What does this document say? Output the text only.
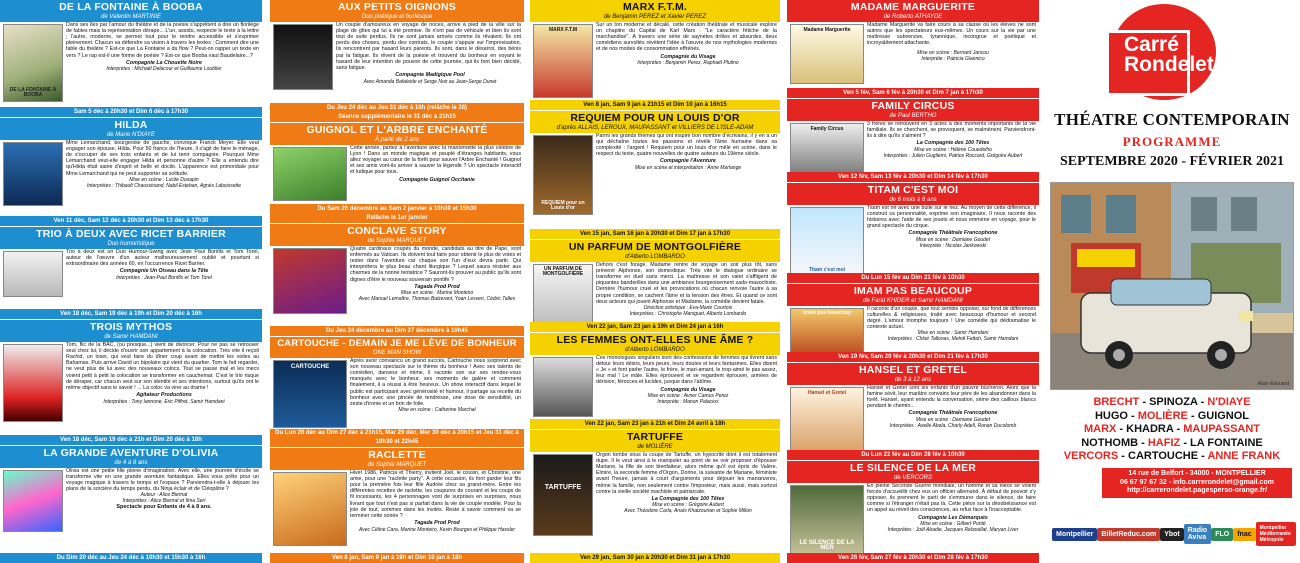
DE LA FONTAINE À BOOBA
de Valentin MARTINIE
DE LA FONTAINE À BOOBA
Dans ses îles par l'amour du théâtre et de la poésie s'apprêtent à dire un florilège de fables mais la représentation dérape... L'un, assidu, respecte le texte à la lettre ; l'autre, moderne, se permet tout pour le rendre accessible et s'exprimer pleinement. Chacun va défendre sa vision à travers les textes : Comment dire une fable du théâtre ? Est-ce que La Fontaine a du flow ? Peut-on rapper un texte en vers ? Le rap est-il une forme de poésie ? Est-ce que Booba vaut Baudelaire...?
Compagnie La Chouette Noire
Interprètes : Michaël Delacour et Guillaume Loublier
Sam 5 déc à 20h30 et Dim 6 déc à 17h30
HILDA
de Marie N'DIAYE
Mme Lemarchand, bourgeoise de gauche, convoque Franck Meyer. Elle veut engager son épouse, Hilda. Pour 50 francs de l'heure, il s'agit de faire le ménage, de s'occuper de ses trois enfants et de lui tenir compagnie. Pourquoi Mme Lemarchand veut-elle engager Hilda et personne d'autre ? Elle a entendu dire qu'Hilda était saine d'esprit et belle et docile. L'apparence est primordiale pour Mme Lemarchand qui ne peut supporter sa solitude.
Mise en scène : Lucile Dusapin
Interprètes : Thibault Chaussinand, Nabil Esteban, Agnès Laboissette
Ven 11 déc, Sam 12 déc à 20h30 et Dim 13 déc à 17h30
TRIO À DEUX AVEC RICET BARRIER
Duo humoristique
Trio à deux est un Duo Humour-Swing avec Jean Paul Bonfils et Tom Torel, auteur de l'œuvre d'un auteur malheureusement oublié et pourtant si extraordinaire des années 60, en l'occurrence Ricet Barrier.
Compagnie Un Oiseau dans la Tête
Interprètes : Jean-Paul Bonfils et Tom Torel
Ven 18 déc, Sam 19 déc à 19h et Dim 20 déc à 16h
TROIS MYTHOS
de Samir HAMDANI
Tom, flic de la BAC, (ou presque...) vient de divorcer. Pour ne pas se retrouver seul chez lui, il décide d'ouvrir son appartement à la colocation. Très vite il reçoit Rachid, un loser, qui veut faire du dîner coup avant de mettre les voiles au Bahamas. Puis arrive David un bipolaire qui vient du quartier. Tom le fait regarder, ne veut plus de lui avec des nouveaux colocs. Tout se passe mal et les mecs voient petit à petit la colocation se transformer en cauchemar. C'est le trio risque de déraper, car chacun veut sur son identité et ses intentions, surtout qu'ils ont le même objectif sans le savoir ! ... La coloc va virer au drame !
Agitateur Productions
Interprètes : Tony Iannone, Eric Piffret, Samir Hamdani
Ven 18 déc, Sam 19 déc à 21h et Dim 20 déc à 18h
LA GRANDE AVENTURE D'OLIVIA
de 4 à 8 ans
Olivia est une petite fille pleine d'imagination. Avec elle, une journée d'école se transforme vite en une grande aventure fantastique. Elles vous prêts pour un voyage magique à travers le temps et l'espace ? Parviendra-t-elle à déjouer les plans de la sorcière du temps perdu, du Ninja éclair et de Cléopâtre ?
Auteur : Alice Biernat
Interprètes : Alice Biernat et Ilma Seri
Spectacle pour Enfants de 4 à 8 ans.
Du Dim 20 déc au Jeu 24 déc à 10h30 et 15h30 à 16h
AUX PETITS OIGNONS
Duo poétique et burlesque
Un couple d'amoureux en voyage de noces, arrive à pied de la ville sur la plage de gîtes qui lui a été promise. Ils n'ont pas de véhicule et bien ils sont tout de suite perdus. Ils ne sont jamais arrivés comme ils rêvaient. Ils ont perdu des choses, perdu des contrats, le couple s'appuie sur l'improvisation. Ils rencontrent par hasard leurs parents. Ils sont, dans le désarroi, des bénis par la fatigue. Ils rêvent de la poésie et trouvent du bonheur en voyant le hasard de leur intention de pouvoir de cette journée, qui ils font bien décidé, sans fatigue.
Compagnie Madigique Pool
Avec Amanda Bafaleide et Serge Noir au Jean-Serge Dunet
Du Jeu 24 déc au Jeu 31 déc à 18h (relâche le 28)
Séance supplémentaire le 31 déc à 21h15
GUIGNOL ET L'ARBRE ENCHANTÉ
À partir de 2 ans
Cette année, partez à l'aventure avec la marionnette la plus célèbre de Lyon ! Dans un monde magique et peuplé d'étranges habitants, vous allez voyager au cœur de la forêt pour sauver l'Arbre Enchanté ! Guignol et ses amis vont-ils arriver à sauver la légende ? Un spectacle interactif et ludique pour tous.
Compagnie Guignol Occitanie
Du Sam 26 décembre au Sam 2 janvier à 10h30 et 15h30
Relâche le 1er janvier
CONCLAVE STORY
de Sophie MARQUET
Quatre cardinaux coupés du monde, candidats au titre de Pape, sont enfermés au Vatican. Ils doivent tout faire pour obtenir le plus de votes et rester dans l'aventure car chaque soir l'un d'eux devra partir. Qui interprétera le plus beau chant liturgique ? Lequel saura résister aux charmes de la nonne tentatrice ? Sauront-ils prouver au public qu'ils sont dignes d'être le nouveau souverain pontife ?
Tagada Prod Prod
Mise en scène : Marine Monteiro
Avec Manuel Lemaître, Thomas Balzerant, Yoan Lesven, Cédric Talles
Du Jeu 24 décembre au Dim 27 décembre à 19h45
CARTOUCHE - DEMAIN JE ME LÈVE DE BONHEUR
ONE MAN SHOW
CARTOUCHE
Après avoir convaincu un grand succès, Cartouche nous surprend avec son nouveau spectacle sur le thème du bonheur ! Avec ses talents de comédien, danseur et mime, il raconte son sur ses rendez-vous manqués avec le bonheur, ses moments de galère et comment finalement, il a réussi à être heureux. Un show interactif dans lequel le public est participant avec générosité et humour, il partage sa recette du bonheur avec une pincée de tendresse, une dose de sensibilité, un zeste d'ironie et un brin de folie.
Mise en scène : Catherine Marchal
Du Lun 28 déc au Dim 27 déc à 21h15, Mar 29 déc, Mer 30 déc à 20h15 et Jeu 31 déc à 19h30 et 22h45
RACLETTE
de Sophie MARQUET
Hiver 1986, Patricia et Thierry, invitent Joël, le cousin, et Christine, une amie, pour une "raclette party". À cette occasion, ils font garder leur fils pour la première fois leur fille Audrée chez sa grand-mère. Entre les différentes recettes de raclette, les coupures de courant et les coups de fil incessants, les 4 personnages vont de surprises en surprises, nous livrant que tout n'est pas si parfait dans la vie de couple modèle. Pour la joie de tout, sommes dans les invités. Reste à savoir comment va se terminer cette soirée ?
Tagada Prod Prod
Avec Céline Cara, Marine Monteiro, Kevin Bourges et Philippe Hassler
Ven 8 jan, Sam 9 jan à 19h et Dim 10 jan à 18h
MARX F.T.M.
de Benjamin PEREZ et Xavier PEREZ
MARX F.T.M
Sur un ton moderne et décalé, cette création théâtrale et musicale explore un chapitre du Capital de Karl Marx : "Le caractère fétiche de la marchandise". À travers une série de saynètes drôles et absurdes, deux comédiens survoltés révèlent l'idée à l'œuvre de nos mythologies modernes et de nos modes de consommation effrénés.
Compagnie du Visage
Interprètes : Benjamin Perez, Raphaël Plutino
Ven 8 jan, Sam 9 jan à 21h15 et Dim 10 jan à 16h15
REQUIEM POUR UN LOUIS D'OR
d'après ALLAIS, LEROUX, MAUPASSANT et VILLIERS DE L'ISLE-ADAM
REQUIEM pour un Louis d'or
Parmi les grands thèmes qui ont inspiré bon nombre d'écrivains, il y en a un qui déchaîne toutes les passions et révèle l'âme humaine dans sa complexité : l'argent ! Requiem pour un louis d'or mêle en scène, dans le respect du texte, quatre nouvelles de quatre auteurs du 19ème siècle.
Compagnie l'Aventure
Mise en scène et interprétation : Anne Marlange
Ven 15 jan, Sam 16 jan à 20h30 et Dim 17 jan à 17h30
UN PARFUM DE MONTGOLFIÈRE
d'Alberto LOMBARDO
UN PARFUM DE MONTGOLFIÈRE
Dehors c'est forage. Madame rentre de voyage un soir plus tôt, sans prévenir Alphonse, son domestique. Très vite le dialogue ordinaire se transforme en duel sans merci. La maîtresse et son valet s'affligent de piquantes banderilles dans une ambiance bourgeoisement sado-masochiste. Derrière l'humour cruel et les provocations où chacun renvoie l'autre à sa propre condition, se cachent l'âme et la tension des êtres. Et quand ce sont deux acteurs qui jouent Alphonse et Madame, la comédie devient fatale.
Direction artistique : Eva-Marie Courtois
Interprètes : Christophe Maniguet, Alberto Lombardo
Ven 22 jan, Sam 23 jan à 19h et Dim 24 jan à 16h
LES FEMMES ONT-ELLES UNE ÂME ?
d'Alberto LOMBARDO
Ces monologues singuliers sont des confessions de femmes qui livrent sans détour leurs désirs, leurs peurs, leurs doutes et leurs fantasmes. Elles disent « Je » et font parler l'autre, le frère, le mari-amant, le trop-aimé le pas assez, leur mal ! Le mâle. Elles éprouvent et se regardent éprouver, armées de dérision, férocces et lucides, jusque dans l'abîme.
Compagnie du Visage
Mise en scène : Avner Camus Perez
Interprète : Manon Palacios
Ven 22 jan, Sam 23 jan à 21h et Dim 24 avril à 18h
TARTUFFE
de MOLIÈRE
TARTUFFE
Orgon tombe sous la coupe de Tartuffe, un hypocrite dont il est totalement dupe. Il le veut ainsi à le manipuler au point de se voir proposer d'épouser Mariane, la fille de son bienfaiteur, alors même qu'il est épris de Valère. Elmire, la seconde femme d'Orgon, Dorine, la suivante de Mariane, féministe avant l'heure, jamais à court d'arguments pour déjouer les manœuvres, même la famille, non seulement contre l'imposteur, mais aussi, mais surtout contre la vieille société machiste et patriarcale.
La Compagnie des 100 Têtes
Mise en scène : Grégoire Aubert
Avec Théodore Carla, Anaïs Khatzourian et Sophie Millon
Ven 29 jan, Sam 30 jan à 20h30 et Dim 31 jan à 17h30
MADAME MARGUERITE
de Roberto ATHAYDE
Madame Marguerite
Madame Marguerite va faire cours à sa classe où les élèves ne sont autres que les spectateurs eux-mêmes. Un cours sur la vie par une maîtresse subversive, tyrannique, incongrue et poétique et incroyablement attachante.
Mise en scène : Bernard Jancou
Interprète : Patricia Giannico
Ven 5 fév, Sam 6 fév à 20h30 et Dim 7 jan à 17h30
FAMILY CIRCUS
de Paul BERTHO
Family Circus
3 frères se retrouvent en 3 actes à des moments importants de la vie familiale. Ils se cherchent, se provoquent, se malmènent. Parviendront-ils à dire qu'ils s'aiment ?
La Compagnie des 100 Têtes
Mise en scène : Hélène Couedelho
Interprètes : Julien Gugliemi, Patrice Roccard, Grégoire Aubert
Ven 12 fév, Sam 13 fév à 20h30 et Dim 14 fév à 17h30
TITAM C'EST MOI
de 6 mois à 6 ans
Titam c'est moi
Titam est né avec une bulle sur le nez. Au moyen de cette différence, il construit sa personnalité, exprime son imaginaire. Il nous raconte des histoires avec l'aide de ses jouets et nous emmène en voyage, pour le grand spectacle du cirque.
Compagnie Théâtrale Francophone
Mise en scène : Damiane Goudet
Interprète : Nicolas Jankowski
Du Lun 15 fév au Dim 21 fév à 10h30
IMAM PAS BEAUCOUP
de Farid KHIDER et Samir HAMDANI
Imam pas beaucoup
Il raconte d'un couple, que tout semble opposer, sur fond de différences culturelles & religieuses, traité avec beaucoup d'humour et second degré. L'amour triomphe toujours ! Une comédie qui dédramatise le contexte actuel.
Mise en scène : Samir Hamdani
Interprètes : Chloé Tallonas, Mehdi Fettah, Samir Hamdani
Ven 19 fév, Sam 20 fév à 20h30 et Dim 21 fév à 17h30
HANSEL ET GRETEL
de 3 à 12 ans
Hansel et Gretel
Hansel et Gretel sont les enfants d'un pauvre bûcheron. Alors que la famine sévit, leur marâtre convainc leur père de les abandonner dans la forêt. Hansel, ayant entendu la conversation, sème des cailloux blancs pendant le chemin...
Compagnie Théâtrale Francophone
Mise en scène : Damiane Goudet
Interprètes : Axelle Abela, Charly Adell, Ronan Ducolomb
Du Lun 22 fév au Dim 28 fév à 10h30
LE SILENCE DE LA MER
de VERCORS
LE SILENCE DE LA MER
En pleine Seconde Guerre mondiale, un homme et sa nièce se voient forcés d'accueillir chez eux un officier allemand. À défaut de pouvoir s'y opposer, ils prennent le parti de s'emmurer dans le silence, de faire comme si l'étranger n'était pas là. Cette pièce sur la désobéissance est un appel au réveil des consciences, au refus face à l'inacceptable.
Compagnie Les Démarqués
Mise en scène : Gilbert Ponté
Interprètes : Joël Abadie, Jacques Rebouillat, Maryan Liver
Ven 26 fév, Sam 27 fév à 20h30 et Dim 28 fév à 17h30
Carré
Rondelet
THÉATRE CONTEMPORAIN
PROGRAMME
SEPTEMBRE 2020 - FÉVRIER 2021
Alain Edouard
BRECHT - SPINOZA - N'DIAYE
HUGO - MOLIÈRE - GUIGNOL
MARX - KHADRA - MAUPASSANT
NOTHOMB - HAFIZ - LA FONTAINE
VERCORS - CARTOUCHE - ANNE FRANK
14 rue de Belfort - 34000 - MONTPELLIER
06 67 97 67 32 - info.carrerondelet@gmail.com
http://carrerondelet.pagesperso-orange.fr/
Montpellier	BilletReduc.com	Ybot	Radio Aviva	FLO	fnac
Montpellier Méditerranée Métropole
